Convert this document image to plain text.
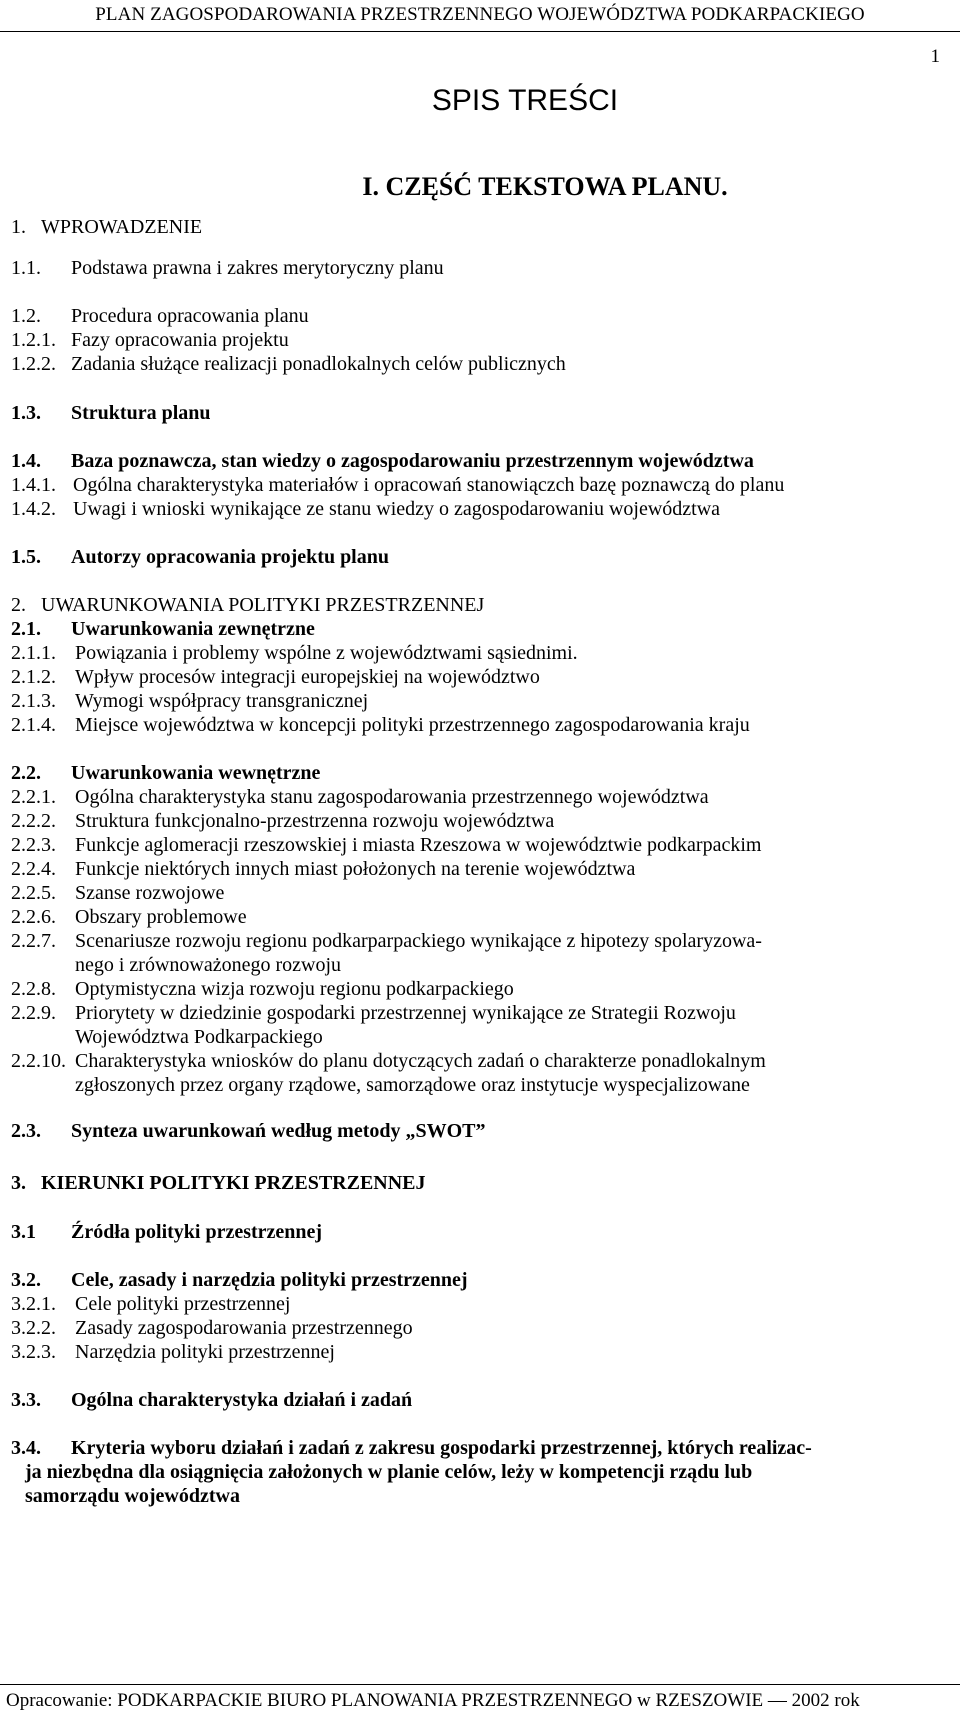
PLAN ZAGOSPODAROWANIA PRZESTRZENNEGO WOJEWÓDZTWA PODKARPACKIEGO
1
SPIS TREŚCI
I. CZĘŚĆ TEKSTOWA PLANU.
1. WPROWADZENIE
1.1. Podstawa prawna i zakres merytoryczny planu
1.2. Procedura opracowania planu
1.2.1. Fazy opracowania projektu
1.2.2. Zadania służące realizacji ponadlokalnych celów publicznych
1.3. Struktura planu
1.4. Baza poznawcza, stan wiedzy o zagospodarowaniu przestrzennym województwa
1.4.1. Ogólna charakterystyka materiałów i opracowań stanowiączch bazę poznawczą do planu
1.4.2. Uwagi i wnioski wynikające ze stanu wiedzy o zagospodarowaniu województwa
1.5. Autorzy opracowania projektu planu
2. UWARUNKOWANIA POLITYKI PRZESTRZENNEJ
2.1. Uwarunkowania zewnętrzne
2.1.1. Powiązania i problemy wspólne z województwami sąsiednimi.
2.1.2. Wpływ procesów integracji europejskiej na województwo
2.1.3. Wymogi współpracy transgranicznej
2.1.4. Miejsce województwa w koncepcji polityki przestrzennego zagospodarowania kraju
2.2. Uwarunkowania wewnętrzne
2.2.1. Ogólna charakterystyka stanu zagospodarowania przestrzennego województwa
2.2.2. Struktura funkcjonalno-przestrzenna rozwoju województwa
2.2.3. Funkcje aglomeracji rzeszowskiej i miasta Rzeszowa w województwie podkarpackim
2.2.4. Funkcje niektórych innych miast położonych na terenie województwa
2.2.5. Szanse rozwojowe
2.2.6. Obszary problemowe
2.2.7. Scenariusze rozwoju regionu podkarparpackiego wynikające z hipotezy spolaryzowa-
nego i zrównoważonego rozwoju
2.2.8. Optymistyczna wizja rozwoju regionu podkarpackiego
2.2.9. Priorytety w dziedzinie gospodarki przestrzennej wynikające ze Strategii Rozwoju
Województwa Podkarpackiego
2.2.10. Charakterystyka wniosków do planu dotyczących zadań o charakterze ponadlokalnym
zgłoszonych przez organy rządowe, samorządowe oraz instytucje wyspecjalizowane
2.3. Synteza uwarunkowań według metody „SWOT”
3. KIERUNKI POLITYKI PRZESTRZENNEJ
3.1 Źródła polityki przestrzennej
3.2. Cele, zasady i narzędzia polityki przestrzennej
3.2.1. Cele polityki przestrzennej
3.2.2. Zasady zagospodarowania przestrzennego
3.2.3. Narzędzia polityki przestrzennej
3.3. Ogólna charakterystyka działań i zadań
3.4. Kryteria wyboru działań i zadań z zakresu gospodarki przestrzennej, których realizac-
ja niezbędna dla osiągnięcia założonych w planie celów, leży w kompetencji rządu lub
samorządu województwa
Opracowanie: PODKARPACKIE BIURO PLANOWANIA PRZESTRZENNEGO w RZESZOWIE — 2002 rok
